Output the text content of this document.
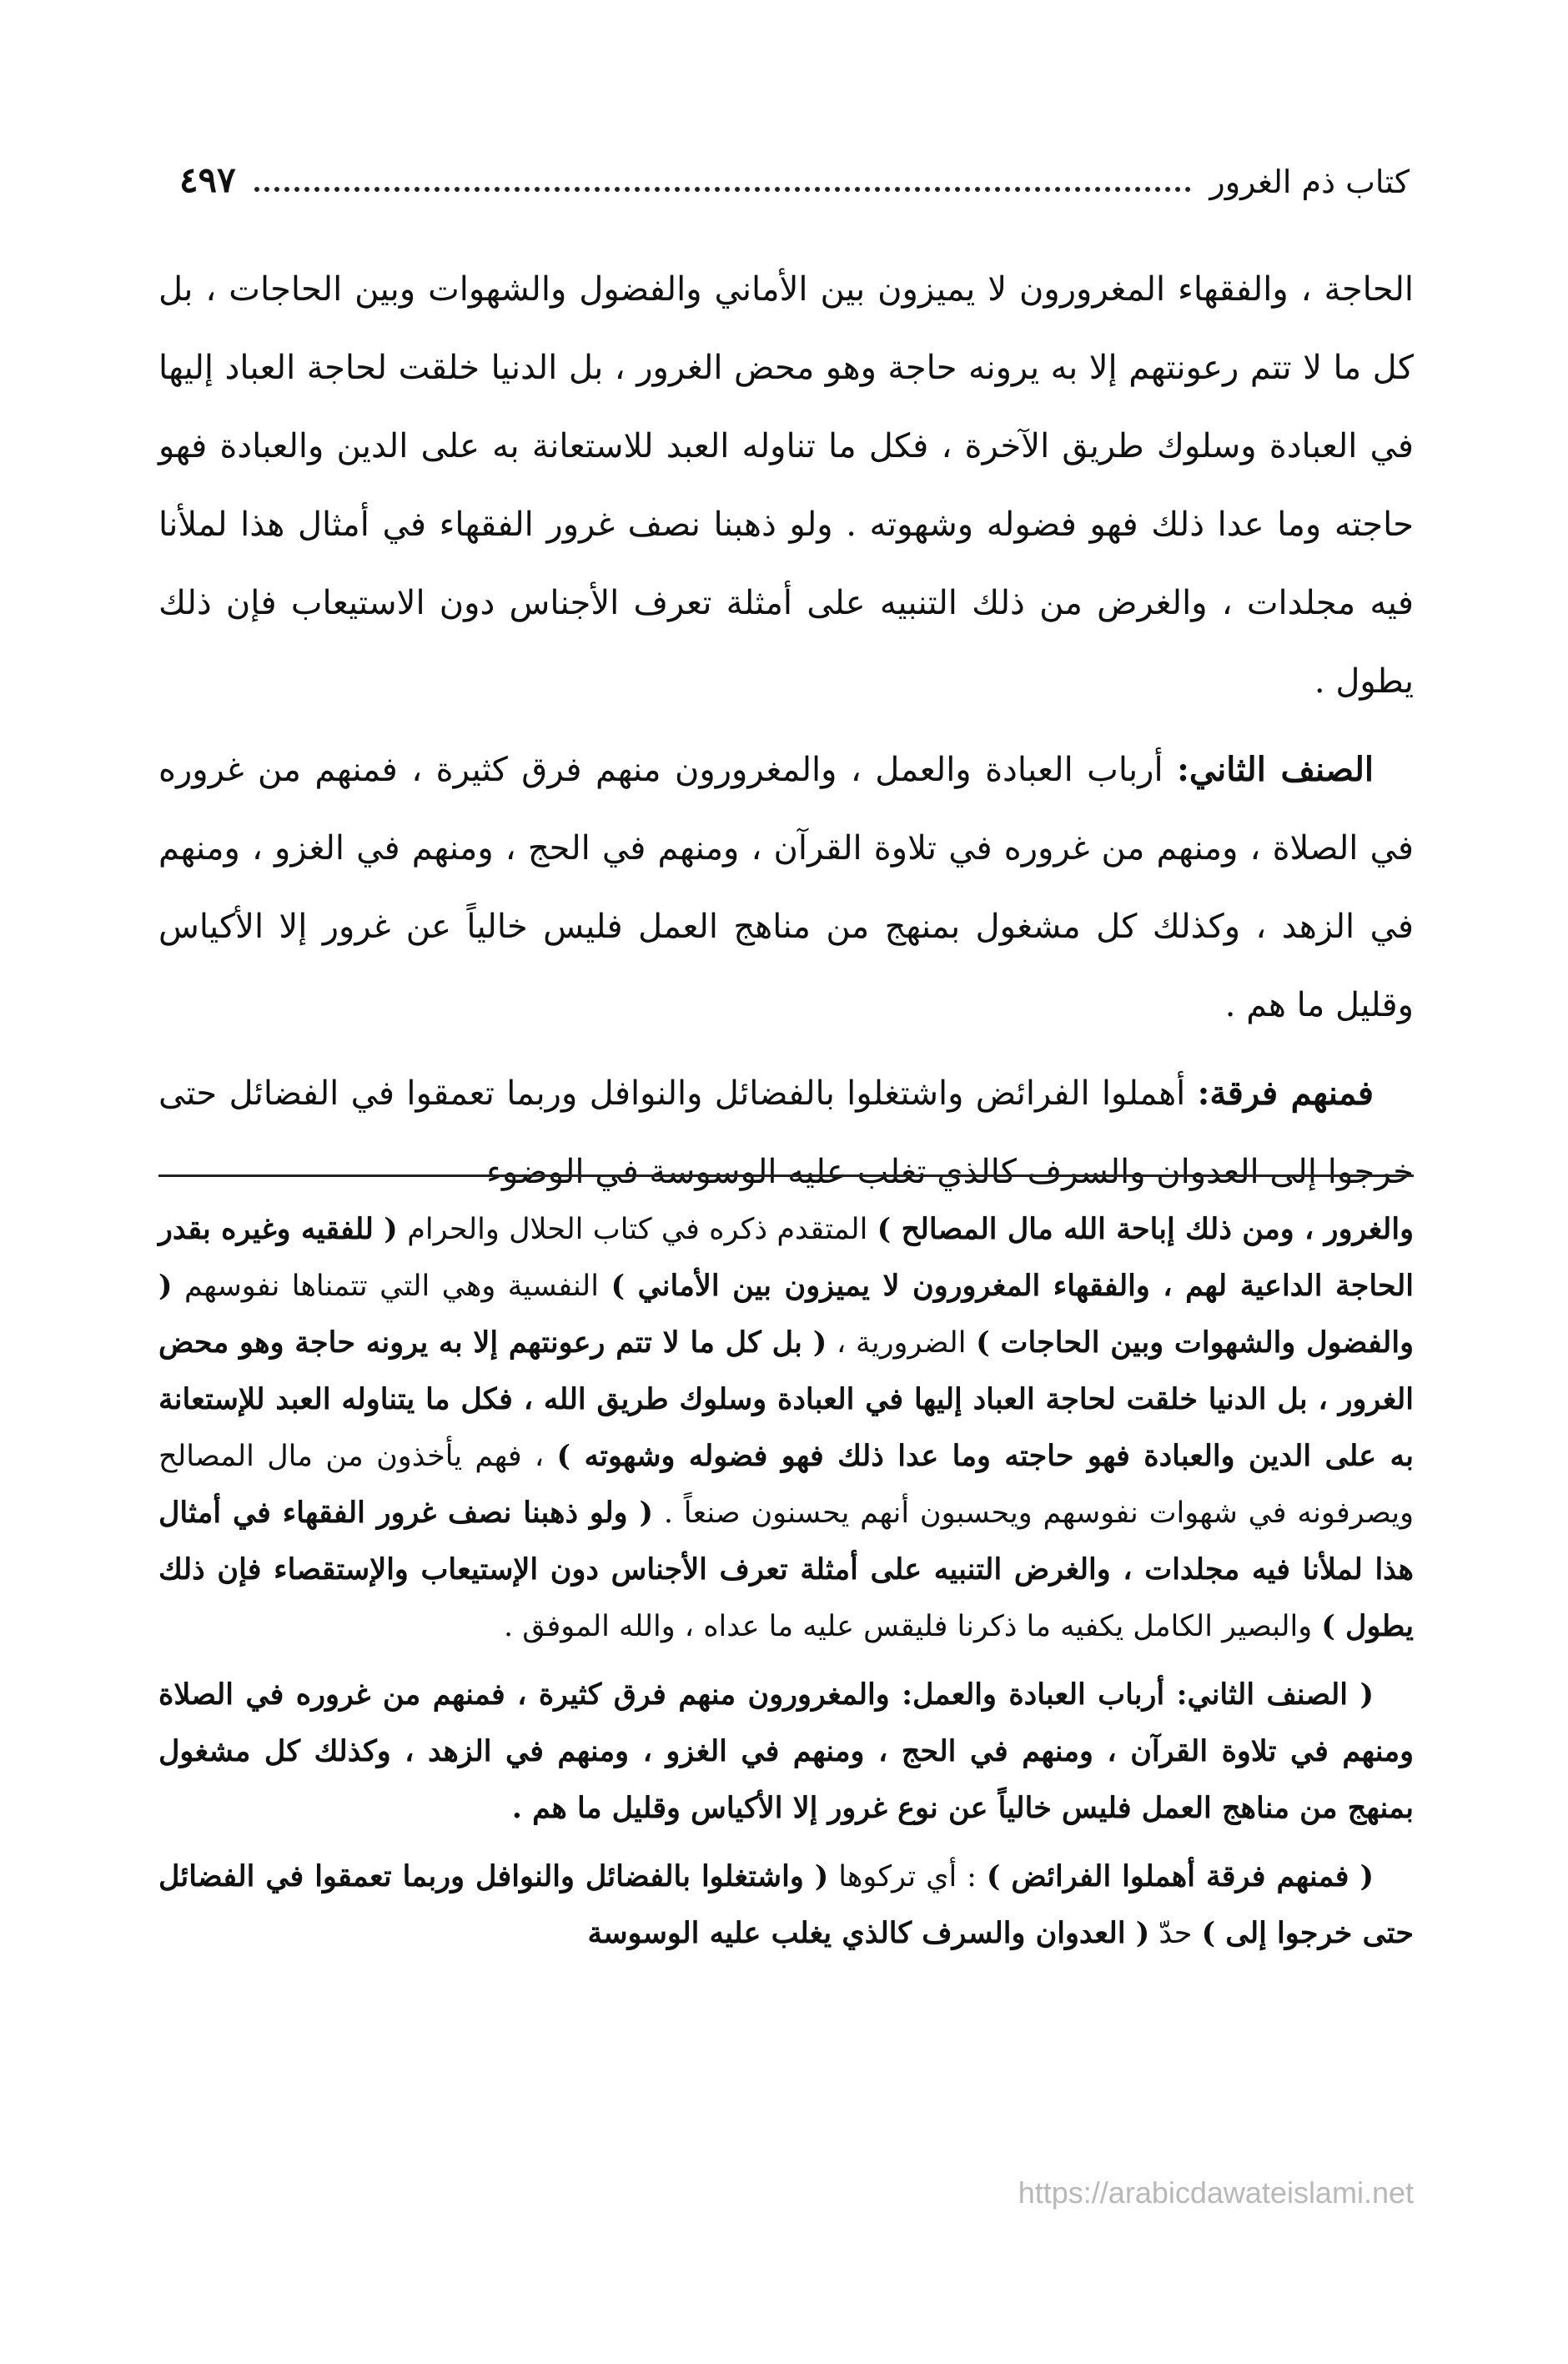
كتاب ذم الغرور
٤٩٧

الحاجة ، والفقهاء المغرورون لا يميزون بين الأماني والفضول والشهوات وبين الحاجات ، بل كل ما لا تتم رعونتهم إلا به يرونه حاجة وهو محض الغرور ، بل الدنيا خلقت لحاجة العباد إليها في العبادة وسلوك طريق الآخرة ، فكل ما تناوله العبد للاستعانة به على الدين والعبادة فهو حاجته وما عدا ذلك فهو فضوله وشهوته . ولو ذهبنا نصف غرور الفقهاء في أمثال هذا لملأنا فيه مجلدات ، والغرض من ذلك التنبيه على أمثلة تعرف الأجناس دون الاستيعاب فإن ذلك يطول .

الصنف الثاني: أرباب العبادة والعمل ، والمغرورون منهم فرق كثيرة ، فمنهم من غروره في الصلاة ، ومنهم من غروره في تلاوة القرآن ، ومنهم في الحج ، ومنهم في الغزو ، ومنهم في الزهد ، وكذلك كل مشغول بمنهج من مناهج العمل فليس خالياً عن غرور إلا الأكياس وقليل ما هم .

فمنهم فرقة: أهملوا الفرائض واشتغلوا بالفضائل والنوافل وربما تعمقوا في الفضائل حتى خرجوا إلى العدوان والسرف كالذي تغلب عليه الوسوسة في الوضوء

والغرور ، ومن ذلك إباحة الله مال المصالح ) المتقدم ذكره في كتاب الحلال والحرام ( للفقيه وغيره بقدر الحاجة الداعية لهم ، والفقهاء المغرورون لا يميزون بين الأماني ) النفسية وهي التي تتمناها نفوسهم ( والفضول والشهوات وبين الحاجات ) الضرورية ، ( بل كل ما لا تتم رعونتهم إلا به يرونه حاجة وهو محض الغرور ، بل الدنيا خلقت لحاجة العباد إليها في العبادة وسلوك طريق الله ، فكل ما يتناوله العبد للإستعانة به على الدين والعبادة فهو حاجته وما عدا ذلك فهو فضوله وشهوته ) ، فهم يأخذون من مال المصالح ويصرفونه في شهوات نفوسهم ويحسبون أنهم يحسنون صنعاً . ( ولو ذهبنا نصف غرور الفقهاء في أمثال هذا لملأنا فيه مجلدات ، والغرض التنبيه على أمثلة تعرف الأجناس دون الإستيعاب والإستقصاء فإن ذلك يطول ) والبصير الكامل يكفيه ما ذكرنا فليقس عليه ما عداه ، والله الموفق .

( الصنف الثاني: أرباب العبادة والعمل: والمغرورون منهم فرق كثيرة ، فمنهم من غروره في الصلاة ومنهم في تلاوة القرآن ، ومنهم في الحج ، ومنهم في الغزو ، ومنهم في الزهد ، وكذلك كل مشغول بمنهج من مناهج العمل فليس خالياً عن نوع غرور إلا الأكياس وقليل ما هم .

( فمنهم فرقة أهملوا الفرائض ) : أي تركوها ( واشتغلوا بالفضائل والنوافل وربما تعمقوا في الفضائل حتى خرجوا إلى ) حدّ ( العدوان والسرف كالذي يغلب عليه الوسوسة

https://arabicdawateislami.net
